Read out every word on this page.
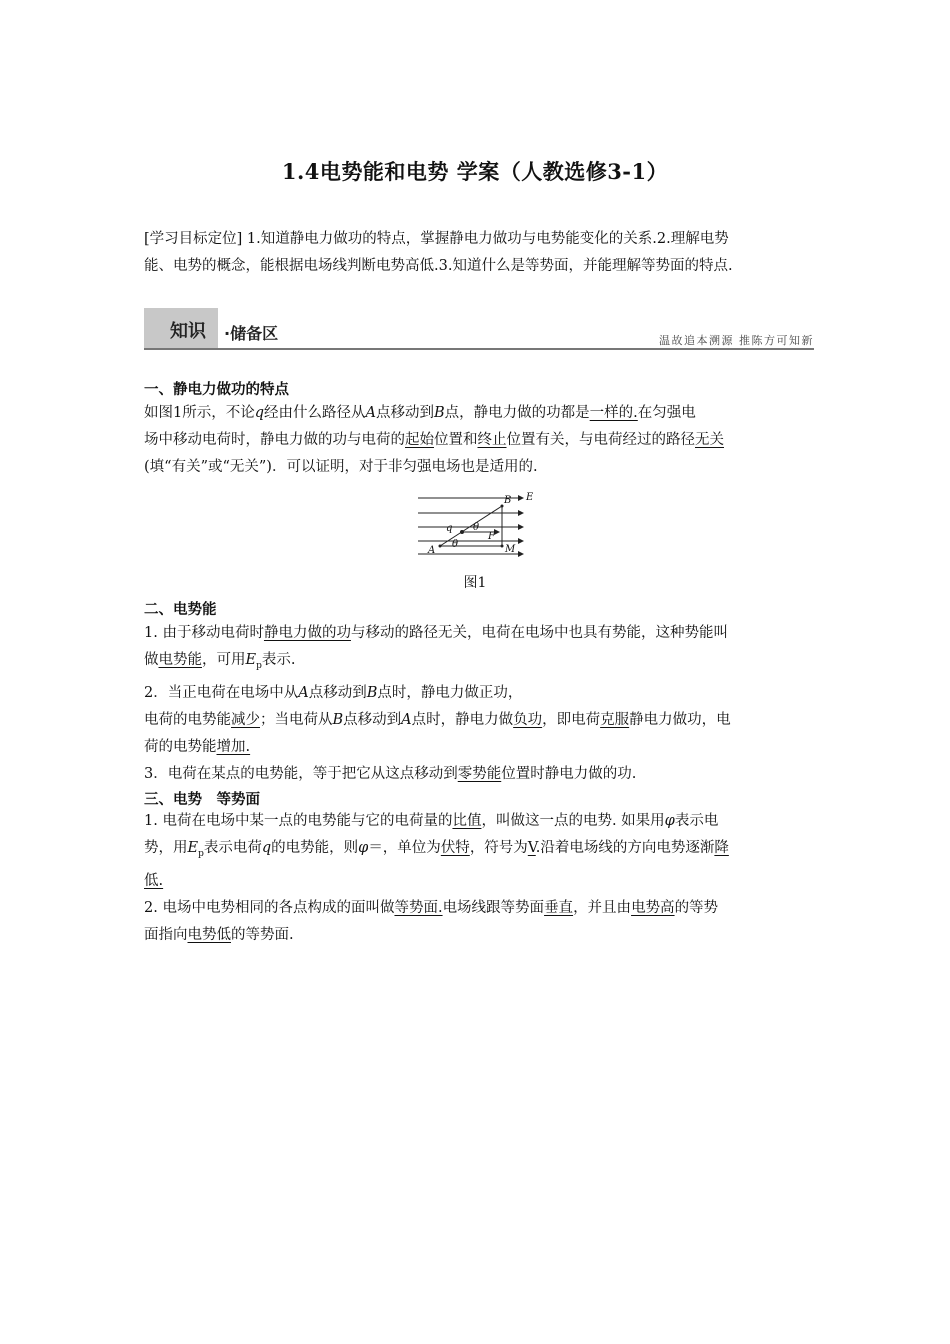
1.4电势能和电势 学案（人教选修3-1）
[学习目标定位] 1.知道静电力做功的特点，掌握静电力做功与电势能变化的关系.2.理解电势
能、电势的概念，能根据电场线判断电势高低.3.知道什么是等势面，并能理解等势面的特点.
知识 ·储备区	温故追本溯源 推陈方可知新
一、静电力做功的特点
如图1所示，不论q经由什么路径从A点移动到B点，静电力做的功都是一样的.在匀强电
场中移动电荷时，静电力做的功与电荷的起始位置和终止位置有关，与电荷经过的路径无关
(填“有关”或“无关”)．可以证明，对于非匀强电场也是适用的.
B E
q θ
F
A
θ	M
图1
二、电势能
1. 由于移动电荷时静电力做的功与移动的路径无关，电荷在电场中也具有势能，这种势能叫
做电势能，可用$E_p$表示.
2．当正电荷在电场中从A点移动到B点时，静电力做正功，
电荷的电势能减少；当电荷从B点移动到A点时，静电力做负功，即电荷克服静电力做功，电
荷的电势能增加.
3．电荷在某点的电势能，等于把它从这点移动到零势能位置时静电力做的功.
三、电势　等势面
1. 电荷在电场中某一点的电势能与它的电荷量的比值，叫做这一点的电势. 如果用φ表示电
势，用$E_p$表示电荷q的电势能，则φ＝，单位为伏特，符号为V.沿着电场线的方向电势逐渐降
低.
2. 电场中电势相同的各点构成的面叫做等势面.电场线跟等势面垂直，并且由电势高的等势
面指向电势低的等势面.
